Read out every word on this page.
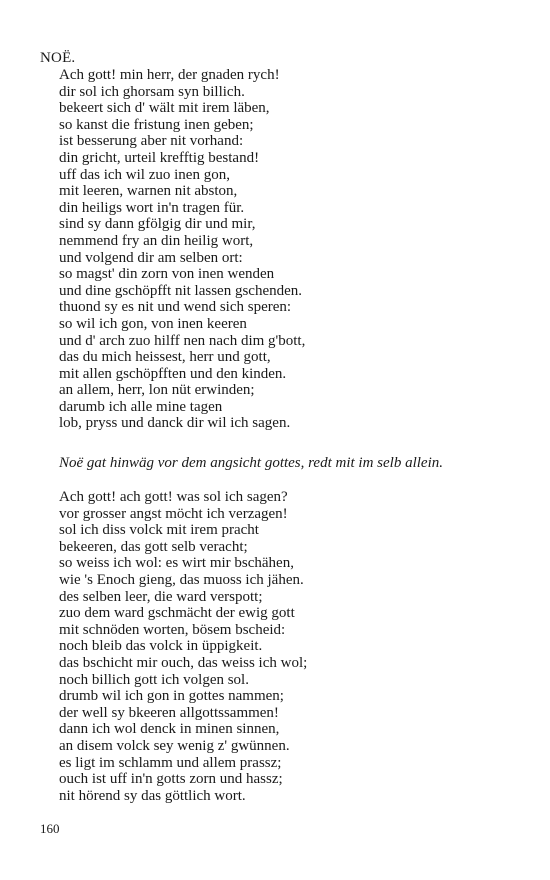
NOË.
Ach gott! min herr, der gnaden rych!
dir sol ich ghorsam syn billich.
bekeert sich d' wält mit irem läben,
so kanst die fristung inen geben;
ist besserung aber nit vorhand:
din gricht, urteil krefftig bestand!
uff das ich wil zuo inen gon,
mit leeren, warnen nit abston,
din heiligs wort in'n tragen für.
sind sy dann gfölgig dir und mir,
nemmend fry an din heilig wort,
und volgend dir am selben ort:
so magst' din zorn von inen wenden
und dine gschöpfft nit lassen gschenden.
thuond sy es nit und wend sich speren:
so wil ich gon, von inen keeren
und d' arch zuo hilff nen nach dim g'bott,
das du mich heissest, herr und gott,
mit allen gschöpfften und den kinden.
an allem, herr, lon nüt erwinden;
darumb ich alle mine tagen
lob, pryss und danck dir wil ich sagen.
Noë gat hinwäg vor dem angsicht gottes, redt mit im selb allein.
Ach gott! ach gott! was sol ich sagen?
vor grosser angst möcht ich verzagen!
sol ich diss volck mit irem pracht
bekeeren, das gott selb veracht;
so weiss ich wol: es wirt mir bschähen,
wie 's Enoch gieng, das muoss ich jähen.
des selben leer, die ward verspott;
zuo dem ward gschmächt der ewig gott
mit schnöden worten, bösem bscheid:
noch bleib das volck in üppigkeit.
das bschicht mir ouch, das weiss ich wol;
noch billich gott ich volgen sol.
drumb wil ich gon in gottes nammen;
der well sy bkeeren allgottssammen!
dann ich wol denck in minen sinnen,
an disem volck sey wenig z' gwünnen.
es ligt im schlamm und allem prassz;
ouch ist uff in'n gotts zorn und hassz;
nit hörend sy das göttlich wort.
160
